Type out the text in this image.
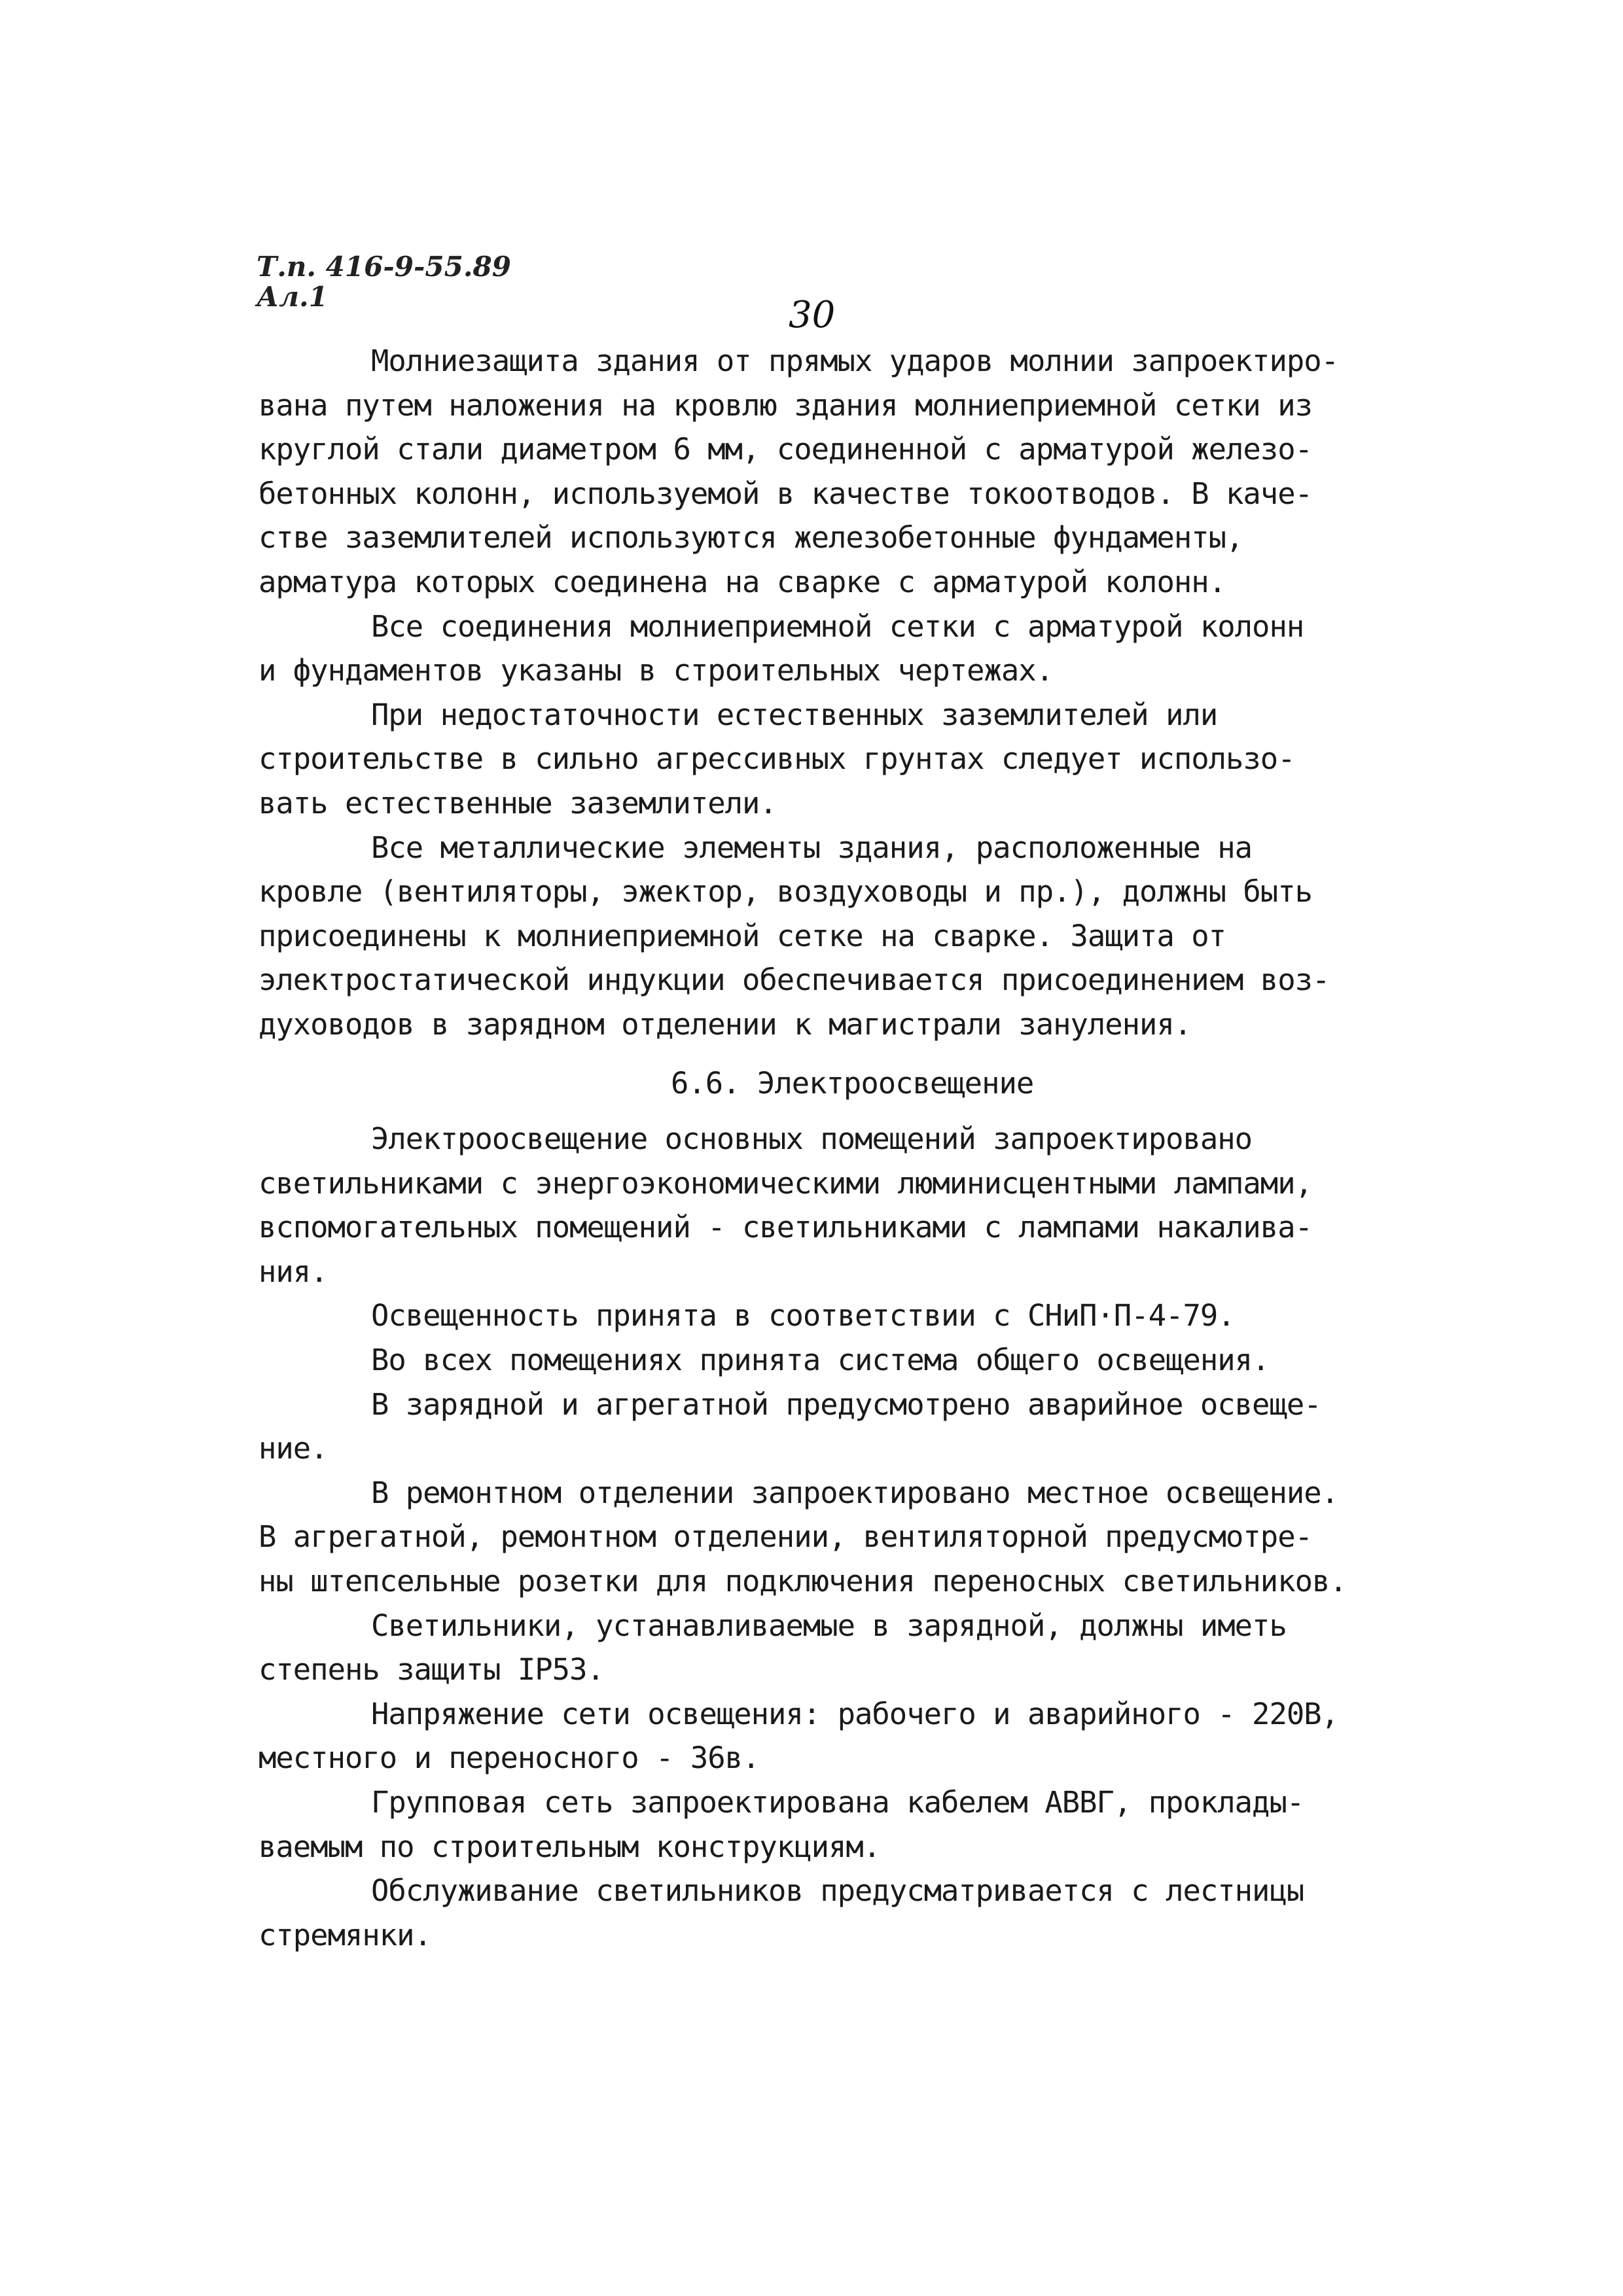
Т.п. 416-9-55.89
Ал.1	30
Молниезащита здания от прямых ударов молнии запроектиро-
вана путем наложения на кровлю здания молниеприемной сетки из
круглой стали диаметром 6 мм, соединенной с арматурой железо-
бетонных колонн, используемой в качестве токоотводов. В каче-
стве заземлителей используются железобетонные фундаменты,
арматура которых соединена на сварке с арматурой колонн.
Все соединения молниеприемной сетки с арматурой колонн
и фундаментов указаны в строительных чертежах.
При недостаточности естественных заземлителей или
строительстве в сильно агрессивных грунтах следует использо-
вать естественные заземлители.
Все металлические элементы здания, расположенные на
кровле (вентиляторы, эжектор, воздуховоды и пр.), должны быть
присоединены к молниеприемной сетке на сварке. Защита от
электростатической индукции обеспечивается присоединением воз-
духоводов в зарядном отделении к магистрали зануления.
6.6. Электроосвещение
Электроосвещение основных помещений запроектировано
светильниками с энергоэкономическими люминисцентными лампами,
вспомогательных помещений - светильниками с лампами накалива-
ния.
Освещенность принята в соответствии с СНиП·П-4-79.
Во всех помещениях принята система общего освещения.
В зарядной и агрегатной предусмотрено аварийное освеще-
ние.
В ремонтном отделении запроектировано местное освещение.
В агрегатной, ремонтном отделении, вентиляторной предусмотре-
ны штепсельные розетки для подключения переносных светильников.
Светильники, устанавливаемые в зарядной, должны иметь
степень защиты IP53.
Напряжение сети освещения: рабочего и аварийного - 220В,
местного и переносного - 36в.
Групповая сеть запроектирована кабелем АВВГ, проклады-
ваемым по строительным конструкциям.
Обслуживание светильников предусматривается с лестницы
стремянки.
